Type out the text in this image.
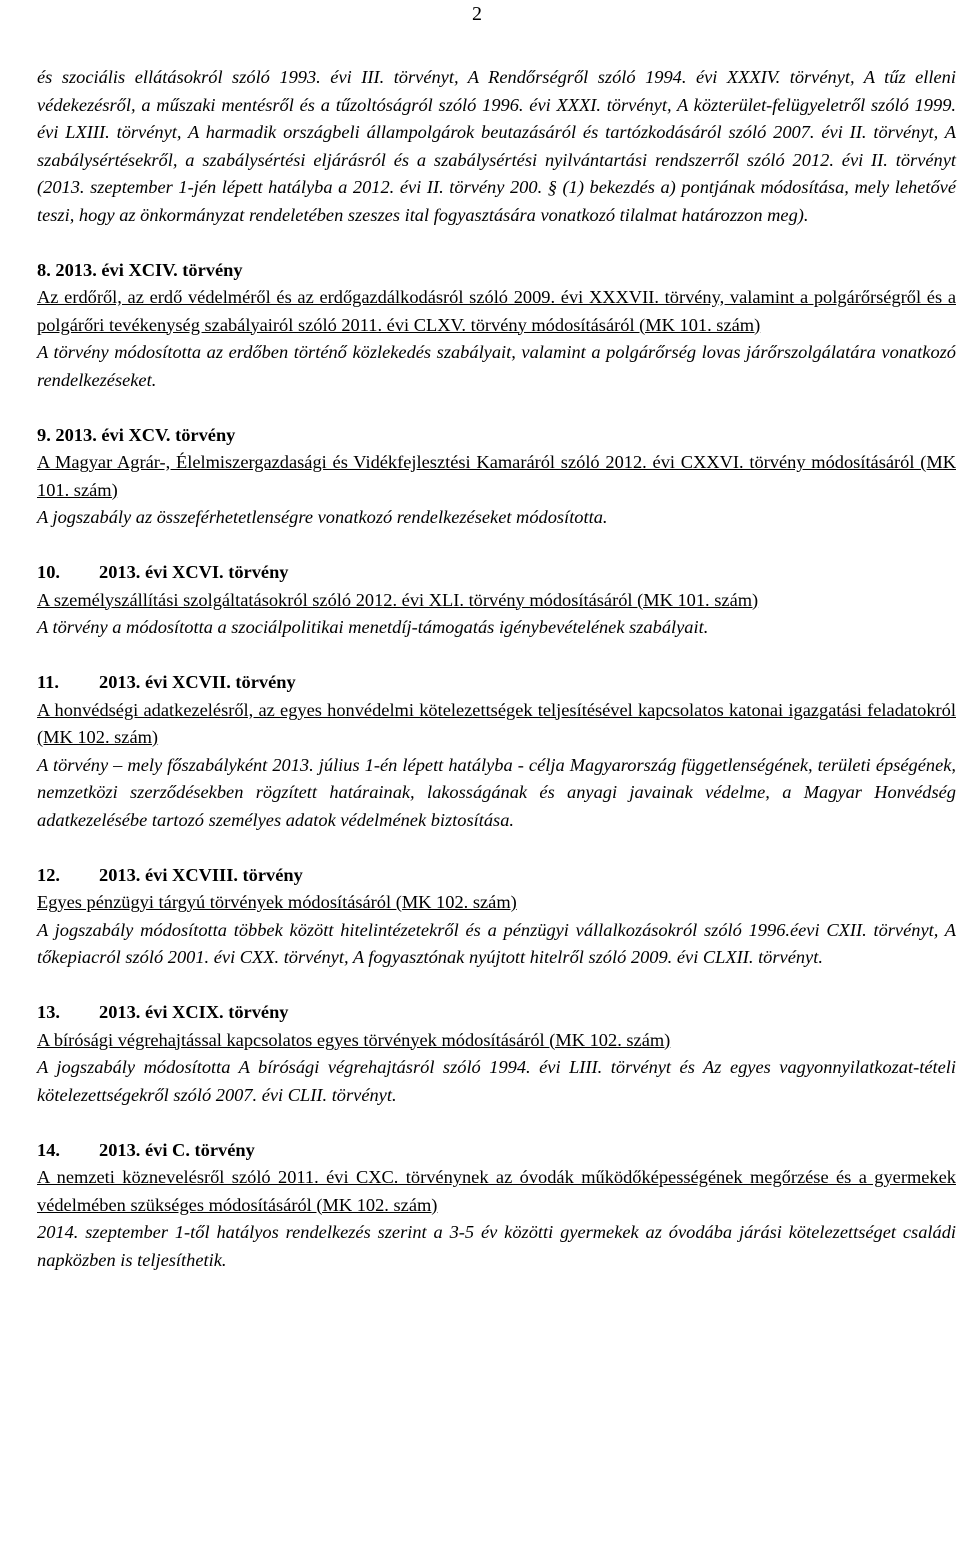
2

és szociális ellátásokról szóló 1993. évi III. törvényt, A Rendőrségről szóló 1994. évi XXXIV. törvényt, A tűz elleni védekezésről, a műszaki mentésről és a tűzoltóságról szóló 1996. évi XXXI. törvényt, A közterület-felügyeletről szóló 1999. évi LXIII. törvényt, A harmadik országbeli állampolgárok beutazásáról és tartózkodásáról szóló 2007. évi II. törvényt, A szabálysértésekről, a szabálysértési eljárásról és a szabálysértési nyilvántartási rendszerről szóló 2012. évi II. törvényt (2013. szeptember 1-jén lépett hatályba a 2012. évi II. törvény 200. § (1) bekezdés a) pontjának módosítása, mely lehetővé teszi, hogy az önkormányzat rendeletében szeszes ital fogyasztására vonatkozó tilalmat határozzon meg).

8. 2013. évi XCIV. törvény
Az erdőről, az erdő védelméről és az erdőgazdálkodásról szóló 2009. évi XXXVII. törvény, valamint a polgárőrségről és a polgárőri tevékenység szabályairól szóló 2011. évi CLXV. törvény módosításáról (MK 101. szám)
A törvény módosította az erdőben történő közlekedés szabályait, valamint a polgárőrség lovas járőrszolgálatára vonatkozó rendelkezéseket.
9. 2013. évi XCV. törvény
A Magyar Agrár-, Élelmiszergazdasági és Vidékfejlesztési Kamaráról szóló 2012. évi CXXVI. törvény módosításáról (MK 101. szám)
A jogszabály az összeférhetetlenségre vonatkozó rendelkezéseket módosította.
10. 2013. évi XCVI. törvény
A személyszállítási szolgáltatásokról szóló 2012. évi XLI. törvény módosításáról (MK 101. szám)
A törvény a módosította a szociálpolitikai menetdíj-támogatás igénybevételének szabályait.
11. 2013. évi XCVII. törvény
A honvédségi adatkezelésről, az egyes honvédelmi kötelezettségek teljesítésével kapcsolatos katonai igazgatási feladatokról (MK 102. szám)
A törvény – mely főszabályként 2013. július 1-én lépett hatályba - célja Magyarország függetlenségének, területi épségének, nemzetközi szerződésekben rögzített határainak, lakosságának és anyagi javainak védelme, a Magyar Honvédség adatkezelésébe tartozó személyes adatok védelmének biztosítása.
12. 2013. évi XCVIII. törvény
Egyes pénzügyi tárgyú törvények módosításáról (MK 102. szám)
A jogszabály módosította többek között hitelintézetekről és a pénzügyi vállalkozásokról szóló 1996.éevi CXII. törvényt, A tőkepiacról szóló 2001. évi CXX. törvényt, A fogyasztónak nyújtott hitelről szóló 2009. évi CLXII. törvényt.
13. 2013. évi XCIX. törvény
A bírósági végrehajtással kapcsolatos egyes törvények módosításáról (MK 102. szám)
A jogszabály módosította A bírósági végrehajtásról szóló 1994. évi LIII. törvényt és Az egyes vagyonnyilatkozat-tételi kötelezettségekről szóló 2007. évi CLII. törvényt.
14. 2013. évi C. törvény
A nemzeti köznevelésről szóló 2011. évi CXC. törvénynek az óvodák működőképességének megőrzése és a gyermekek védelmében szükséges módosításáról (MK 102. szám)
2014. szeptember 1-től hatályos rendelkezés szerint a 3-5 év közötti gyermekek az óvodába járási kötelezettséget családi napközben is teljesíthetik.
